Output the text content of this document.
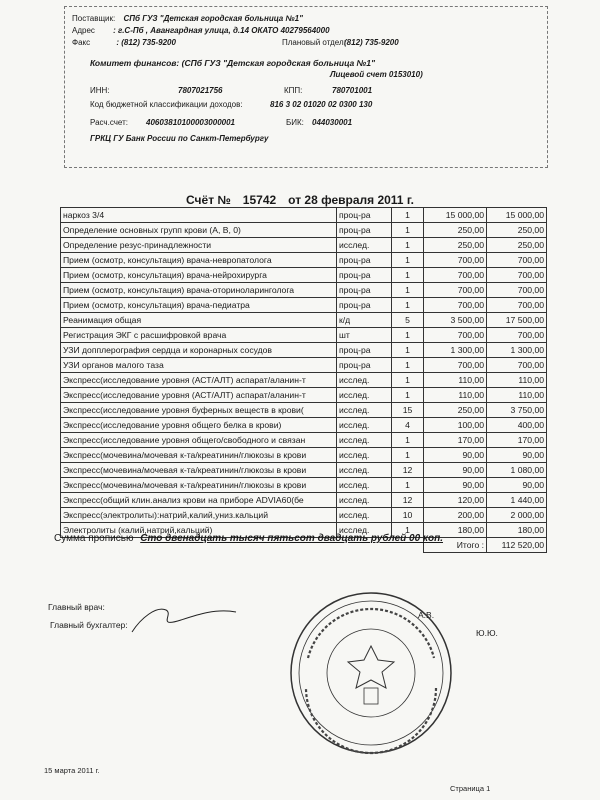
Поставщик: СПб ГУЗ "Детская городская больница №1"
Адрес : г.С-Пб , Авангардная улица, д.14 ОКАТО 40279564000
Факс	: (812) 735-9200	Плановый отдел:
(812) 735-9200
Комитет финансов: (СПб ГУЗ "Детская городская больница №1"
Лицевой счет 0153010)
ИНН:	7807021756	КПП:	780701001
Код бюджетной классификации доходов:	816 3 02 01020 02 0300 130
Расч.счет: 40603810100003000001	БИК: 044030001
ГРКЦ ГУ Банк России по Санкт-Петербургу
Счёт № 15742 от 28 февраля 2011 г.
наркоз 3/4	проц-ра	1	15 000,00	15 000,00
Определение основных групп крови (А, В, 0)	проц-ра	1	250,00	250,00
Определение резус-принадлежности	исслед.	1	250,00	250,00
Прием (осмотр, консультация) врача-невропатолога	проц-ра	1	700,00	700,00
Прием (осмотр, консультация) врача-нейрохирурга	проц-ра	1	700,00	700,00
Прием (осмотр, консультация) врача-оториноларинголога	проц-ра	1	700,00	700,00
Прием (осмотр, консультация) врача-педиатра	проц-ра	1	700,00	700,00
Реанимация общая	к/д	5	3 500,00	17 500,00
Регистрация ЭКГ с расшифровкой врача	шт	1	700,00	700,00
УЗИ допплерография сердца и коронарных сосудов	проц-ра	1	1 300,00	1 300,00
УЗИ органов малого таза	проц-ра	1	700,00	700,00
Экспресс(исследование уровня (АСТ/АЛТ) аспарат/аланин-т	исслед.	1	110,00	110,00
Экспресс(исследование уровня (АСТ/АЛТ) аспарат/аланин-т	исслед.	1	110,00	110,00
Экспресс(исследование уровня буферных веществ в крови(	исслед.	15	250,00	3 750,00
Экспресс(исследование уровня общего белка в крови)	исслед.	4	100,00	400,00
Экспресс(исследование уровня общего/свободного и связан	исслед.	1	170,00	170,00
Экспресс(мочевина/мочевая к-та/креатинин/глюкозы в крови	исслед.	1	90,00	90,00
Экспресс(мочевина/мочевая к-та/креатинин/глюкозы в крови	исслед.	12	90,00	1 080,00
Экспресс(мочевина/мочевая к-та/креатинин/глюкозы в крови	исслед.	1	90,00	90,00
Экспресс(общий клин.анализ крови на приборе ADVIA60(бе	исслед.	12	120,00	1 440,00
Экспресс(электролиты):натрий,калий,униз.кальций	исслед.	10	200,00	2 000,00
Электролиты (калий,натрий,кальций)	исслед.	1	180,00	180,00
			Итого :	112 520,00
Сумма прописью Сто двенадцать тысяч пятьсот двадцать рублей 00 коп.
Главный врач:
Главный бухгалтер:
А.В.
Ю.Ю.
15 марта 2011 г.
Страница 1
